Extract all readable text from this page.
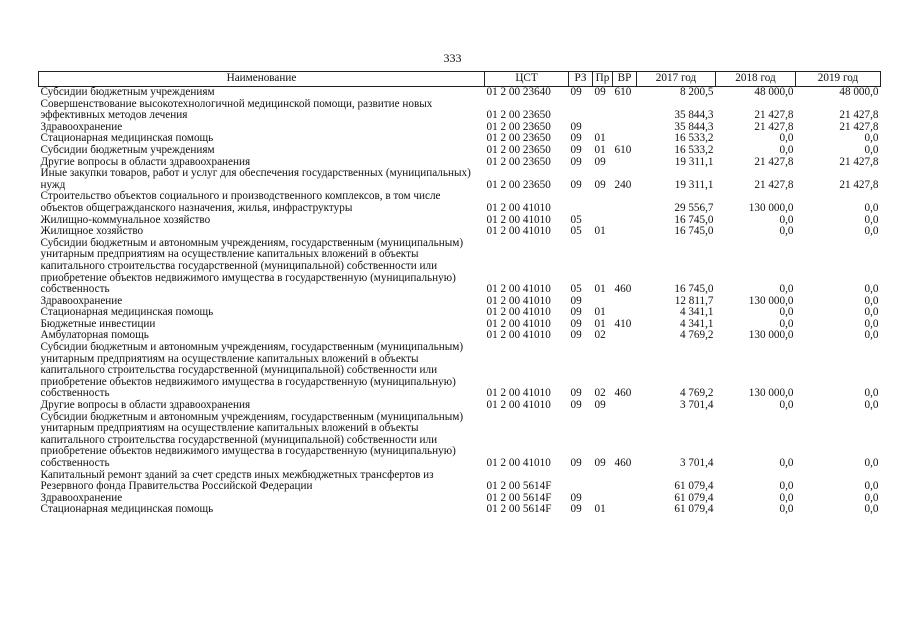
333
Наименование	ЦСТ	РЗ	Пр	ВР	2017 год	2018 год	2019 год
Субсидии бюджетным учреждениям	01 2 00 23640	09	09	610	8 200,5	48 000,0	48 000,0
Совершенствование высокотехнологичной медицинской помощи, развитие новых эффективных методов лечения	01 2 00 23650				35 844,3	21 427,8	21 427,8
Здравоохранение	01 2 00 23650	09			35 844,3	21 427,8	21 427,8
Стационарная медицинская помощь	01 2 00 23650	09	01		16 533,2	0,0	0,0
Субсидии бюджетным учреждениям	01 2 00 23650	09	01	610	16 533,2	0,0	0,0
Другие вопросы в области здравоохранения	01 2 00 23650	09	09		19 311,1	21 427,8	21 427,8
Иные закупки товаров, работ и услуг для обеспечения государственных (муниципальных) нужд	01 2 00 23650	09	09	240	19 311,1	21 427,8	21 427,8
Строительство объектов социального и производственного комплексов, в том числе объектов общегражданского назначения, жилья, инфраструктуры	01 2 00 41010				29 556,7	130 000,0	0,0
Жилищно-коммунальное хозяйство	01 2 00 41010	05			16 745,0	0,0	0,0
Жилищное хозяйство	01 2 00 41010	05	01		16 745,0	0,0	0,0
Субсидии бюджетным и автономным учреждениям, государственным (муниципальным) унитарным предприятиям на осуществление капитальных вложений в объекты капитального строительства государственной (муниципальной) собственности или приобретение объектов недвижимого имущества в государственную (муниципальную) собственность	01 2 00 41010	05	01	460	16 745,0	0,0	0,0
Здравоохранение	01 2 00 41010	09			12 811,7	130 000,0	0,0
Стационарная медицинская помощь	01 2 00 41010	09	01		4 341,1	0,0	0,0
Бюджетные инвестиции	01 2 00 41010	09	01	410	4 341,1	0,0	0,0
Амбулаторная помощь	01 2 00 41010	09	02		4 769,2	130 000,0	0,0
Субсидии бюджетным и автономным учреждениям, государственным (муниципальным) унитарным предприятиям на осуществление капитальных вложений в объекты капитального строительства государственной (муниципальной) собственности или приобретение объектов недвижимого имущества в государственную (муниципальную) собственность	01 2 00 41010	09	02	460	4 769,2	130 000,0	0,0
Другие вопросы в области здравоохранения	01 2 00 41010	09	09		3 701,4	0,0	0,0
Субсидии бюджетным и автономным учреждениям, государственным (муниципальным) унитарным предприятиям на осуществление капитальных вложений в объекты капитального строительства государственной (муниципальной) собственности или приобретение объектов недвижимого имущества в государственную (муниципальную) собственность	01 2 00 41010	09	09	460	3 701,4	0,0	0,0
Капитальный ремонт зданий за счет средств иных межбюджетных трансфертов из Резервного фонда Правительства Российской Федерации	01 2 00 5614F				61 079,4	0,0	0,0
Здравоохранение	01 2 00 5614F	09			61 079,4	0,0	0,0
Стационарная медицинская помощь	01 2 00 5614F	09	01		61 079,4	0,0	0,0
